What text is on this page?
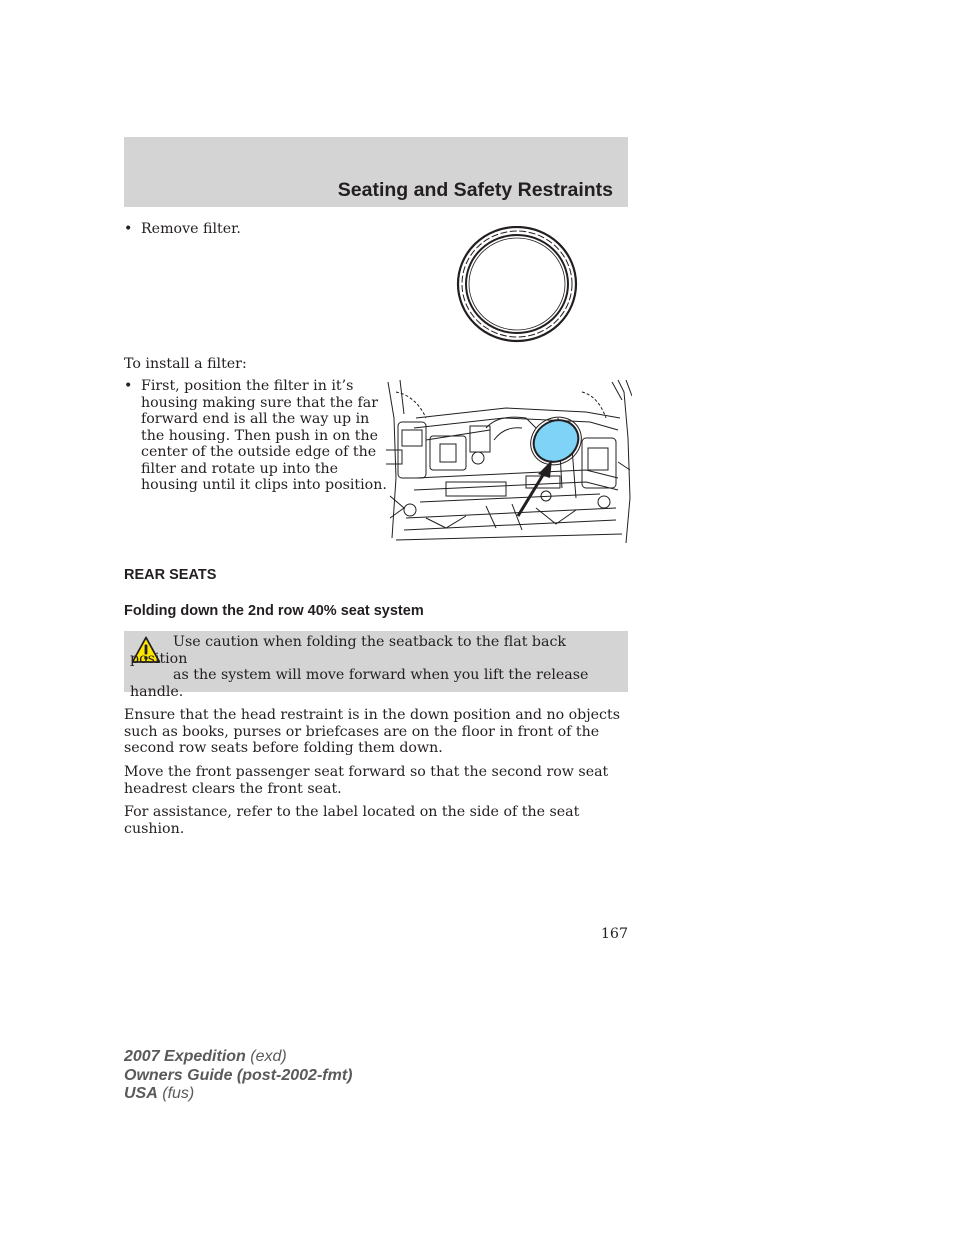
Seating and Safety Restraints
• Remove filter.
To install a filter:
• First, position the filter in it’s
housing making sure that the far
forward end is all the way up in
the housing. Then push in on the
center of the outside edge of the
filter and rotate up into the
housing until it clips into position.
REAR SEATS
Folding down the 2nd row 40% seat system
Use caution when folding the seatback to the flat back position
as the system will move forward when you lift the release
handle.
Ensure that the head restraint is in the down position and no objects
such as books, purses or briefcases are on the floor in front of the
second row seats before folding them down.
Move the front passenger seat forward so that the second row seat
headrest clears the front seat.
For assistance, refer to the label located on the side of the seat cushion.
167
2007 Expedition (exd)
Owners Guide (post-2002-fmt)
USA (fus)
